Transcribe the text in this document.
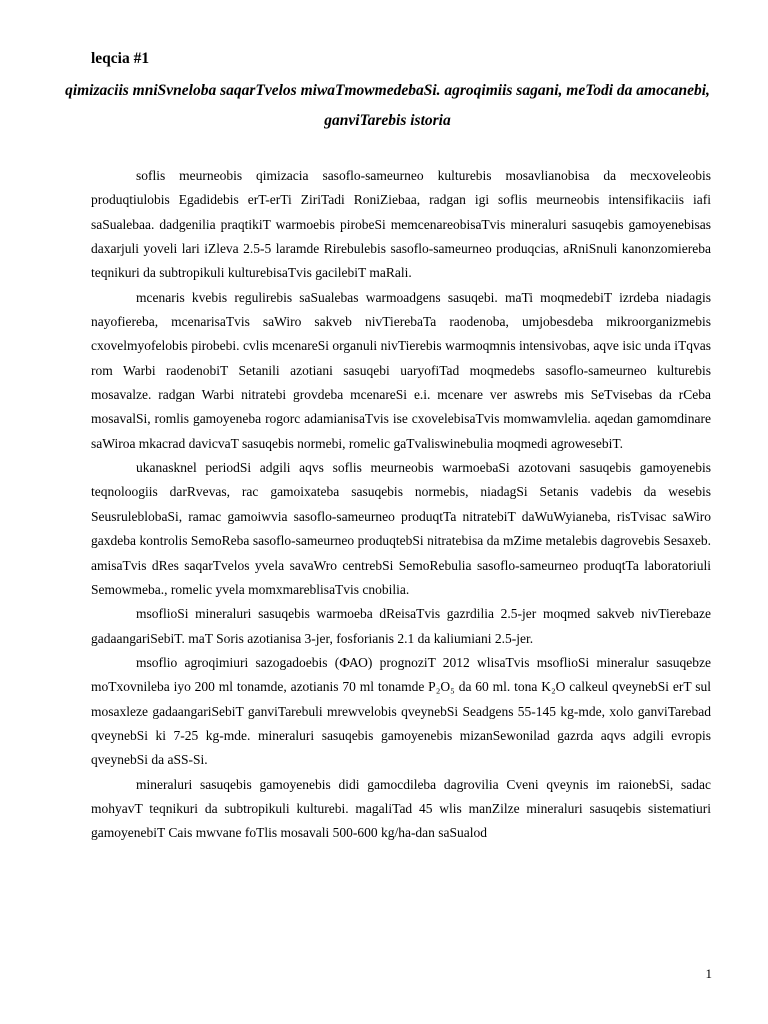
leqcia #1
qimizaciis mniSvneloba saqarTvelos miwaTmowmedebaSi. agroqimiis sagani, meTodi da amocanebi, ganviTarebis istoria

soflis meurneobis qimizacia sasoflo-sameurneo kulturebis mosavlianobisa da mecxoveleobis produqtiulobis Egadidebis erT-erTi ZiriTadi RoniZiebaa, radgan igi soflis meurneobis intensifikaciis iafi saSualebaa. dadgenilia praqtikiT warmoebis pirobeSi memcenareobisaTvis mineraluri sasuqebis gamoyenebisas daxarjuli yoveli lari iZleva 2.5-5 laramde Rirebulebis sasoflo-sameurneo produqcias, aRniSnuli kanonzomiereba teqnikuri da subtropikuli kulturebisaTvis gacilebiT maRali.

mcenaris kvebis regulirebis saSualebas warmoadgens sasuqebi. maTi moqmedebiT izrdeba niadagis nayofiereba, mcenarisaTvis saWiro sakveb nivTierebaTa raodenoba, umjobesdeba mikroorganizmebis cxovelmyofelobis pirobebi. cvlis mcenareSi organuli nivTierebis warmoqmnis intensivobas, aqve isic unda iTqvas rom Warbi raodenobiT Setanili azotiani sasuqebi uaryofiTad moqmedebs sasoflo-sameurneo kulturebis mosavalze. radgan Warbi nitratebi grovdeba mcenareSi e.i. mcenare ver aswrebs mis SeTvisebas da rCeba mosavalSi, romlis gamoyeneba rogorc adamianisaTvis ise cxovelebisaTvis momwamvlelia. aqedan gamomdinare saWiroa mkacrad davicvaT sasuqebis normebi, romelic gaTvaliswinebulia moqmedi agrowesebiT.

ukanasknel periodSi adgili aqvs soflis meurneobis warmoebaSi azotovani sasuqebis gamoyenebis teqnoloogiis darRvevas, rac gamoixateba sasuqebis normebis, niadagSi Setanis vadebis da wesebis SeusruleblobaSi, ramac gamoiwvia sasoflo-sameurneo produqtTa nitratebiT daWuWyianeba, risTvisac saWiro gaxdeba kontrolis SemoReba sasoflo-sameurneo produqtebSi nitratebisa da mZime metalebis dagrovebis Sesaxeb. amisaTvis dRes saqarTvelos yvela savaWro centrebSi SemoRebulia sasoflo-sameurneo produqtTa laboratoriuli Semowmeba., romelic yvela momxmareblisaTvis cnobilia.

msoflioSi mineraluri sasuqebis warmoeba dReisaTvis gazrdilia 2.5-jer moqmed sakveb nivTierebaze gadaangariSebiT. maT Soris azotianisa 3-jer, fosforianis 2.1 da kaliumiani 2.5-jer.

msoflio agroqimiuri sazogadoebis (ФАО) prognoziT 2012 wlisaTvis msoflioSi mineralur sasuqebze moTxovnileba iyo 200 ml tonamde, azotianis 70 ml tonamde P₂O₅ da 60 ml. tona K₂O calkeul qveynebSi erT sul mosaxleze gadaangariSebiT ganviTarebuli mrewvelobis qveynebSi Seadgens 55-145 kg-mde, xolo ganviTarebad qveynebSi ki 7-25 kg-mde. mineraluri sasuqebis gamoyenebis mizanSewonilad gazrda aqvs adgili evropis qveynebSi da aSS-Si.

mineraluri sasuqebis gamoyenebis didi gamocdileba dagrovilia Cveni qveynis im raionebSi, sadac mohyavT teqnikuri da subtropikuli kulturebi. magaliTad 45 wlis manZilze mineraluri sasuqebis sistematiuri gamoyenebiT Cais mwvane foTlis mosavali 500-600 kg/ha-dan saSualod

1
